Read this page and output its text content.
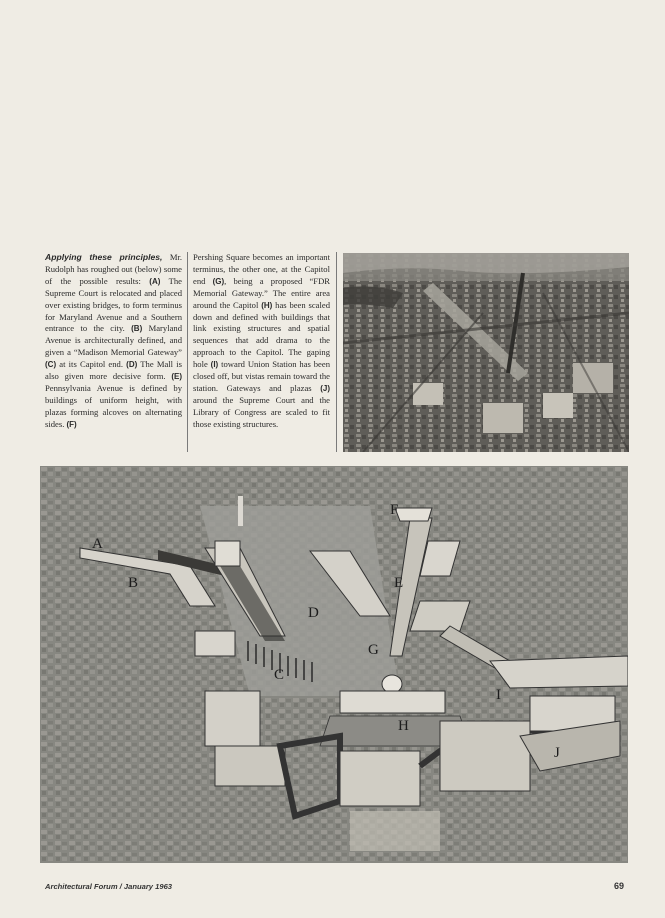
Applying these principles, Mr. Rudolph has roughed out (below) some of the possible results: (A) The Supreme Court is relocated and placed over existing bridges, to form terminus for Maryland Avenue and a Southern entrance to the city. (B) Maryland Avenue is architecturally defined, and given a “Madison Memorial Gateway” (C) at its Capitol end. (D) The Mall is also given more decisive form. (E) Pennsylvania Avenue is defined by buildings of uniform height, with plazas forming alcoves on alternating sides. (F)
Pershing Square becomes an important terminus, the other one, at the Capitol end (G), being a proposed “FDR Memorial Gateway.” The entire area around the Capitol (H) has been scaled down and defined with buildings that link existing structures and spatial sequences that add drama to the approach to the Capitol. The gaping hole (I) toward Union Station has been closed off, but vistas remain toward the station. Gateways and plazas (J) around the Supreme Court and the Library of Congress are scaled to fit those existing structures.
A
B
C
D
E
F
G
H
I
J
Architectural Forum / January 1963	69
